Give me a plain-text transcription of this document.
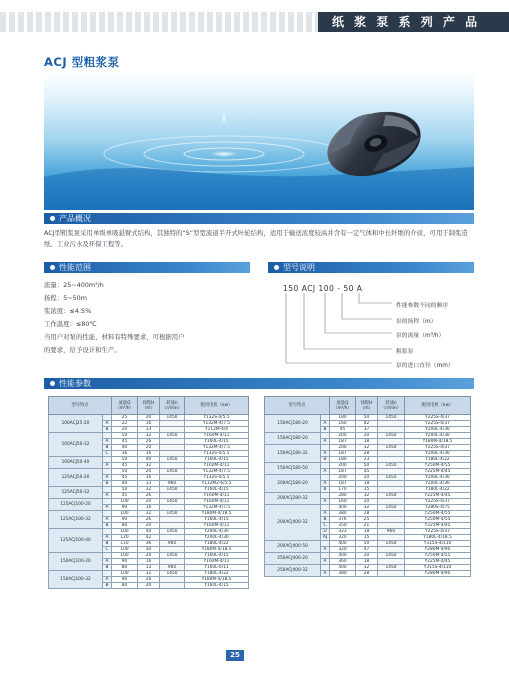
纸 浆 泵 系 列 产 品
ACJ 型粗浆泵
产品概况
ACJ型粗浆泵采用单级单吸悬臂式结构，其独特的“S”型宽流道半开式叶轮结构，适用于输送浓度较高并含有一定气体和中长纤维的介质，可用于制浆造纸、工业污水及环保工程等。
性能范围
流量：25~400m³/h
扬程：5~50m
浆浓度：≤4.5%
工作温度：≤80℃
当用户对泵的性能、材料有特殊要求，可根据用户
的要求，给予设计和生产。
型号说明
150 ACJ 100 - 50 A
性能参数不同的顺序
泵的扬程（m）
泵的流量（m³/h）
粗浆泵
泵的进口直径（mm）
性能参数
型号特点		流量Q（m³/h）	扬程H（m）	转速n（r/min）	配用电机（kw）
100ACJ25-20		25	20	1450	Y132S-4/5.5
	A	22	16		Y132M-4/7.5
	B	20	13		Y112M-4/4
100ACJ50-32		50	32	1450	Y160M-4/11
	A	45	26		Y160L-4/15
	B	40	20		Y132M-4/7.5
	C	36	16		Y132S-4/5.5
100ACJ50-40		50	40	1450	Y160L-4/15
	A	45	32		Y160M-4/11
125ACJ50-20		50	20	1450	Y132M-4/7.5
	A	45	16		Y132S-4/5.5
	B	40	13	960	Y132M2-6/5.5
125ACJ50-32		50	32	1450	Y160L-4/15
	A	45	26		Y160M-4/11
125ACJ100-20		100	20	1450	Y160M-4/11
	A	90	16		Y132M-4/7.5
125ACJ100-32		100	32	1450	Y180M-4/18.5
	A	90	26		Y160L-4/15
	B	80	20		Y160M-4/11
125ACJ100-40		100	40	1450	Y200L-4/30
	A	120	42		Y200L-4/30
	B	110	36	960	Y180L-4/22
	C	100	30		Y180M-4/18.5
150ACJ100-20		100	20	1450	Y160L-4/15
	A	90	16		Y160M-4/11
	B	80	13	960	Y160L-6/11
150ACJ100-32		100	32	1450	Y180L-4/22
	A	90	26		Y180M-4/18.5
	B	80	20		Y160L-4/15
型号特点		流量Q（m³/h）	扬程H（m）	转速n（r/min）	配用电机（kw）
150ACJ180-20		180	50	1450	Y225S-4/37
	A	160	42		Y225S-4/37
	B	95	37		Y200L-4/30
150ACJ180-20		200	20	1450	Y200L-4/30
	A	187	18		Y180M-4/18.5
150ACJ180-32		200	32	1450	Y225S-4/37
	A	187	28		Y200L-4/30
	B	180	23		Y180L-4/22
150ACJ180-50		200	50	1450	Y250M-4/55
	A	187	45		Y225M-4/45
200ACJ180-20		200	20	1450	Y200L-4/30
	A	187	18		Y200L-4/30
	B	170	15		Y180L-4/22
200ACJ280-32		280	32	1450	Y225M-4/45
	A	160	20		Y225S-4/37
200ACJ400-32		400	32	1450	Y280S-4/75
	A	380	28		Y250M-4/55
	B	376	25		Y250M-4/55
	C	350	21		Y225M-4/45
	D	323	18	960	Y225S-4/37
	AJ	320	15		Y180L-4/18.5
200ACJ400-50		400	50	1450	Y315S-4/110
	A	320	47		Y280M-4/90
250ACJ400-20		400	20	1450	Y250M-4/55
	A	360	18		Y225M-4/45
250ACJ400-32		400	32	1450	Y315S-4/110
	A	380	28		Y280M-4/90
25
